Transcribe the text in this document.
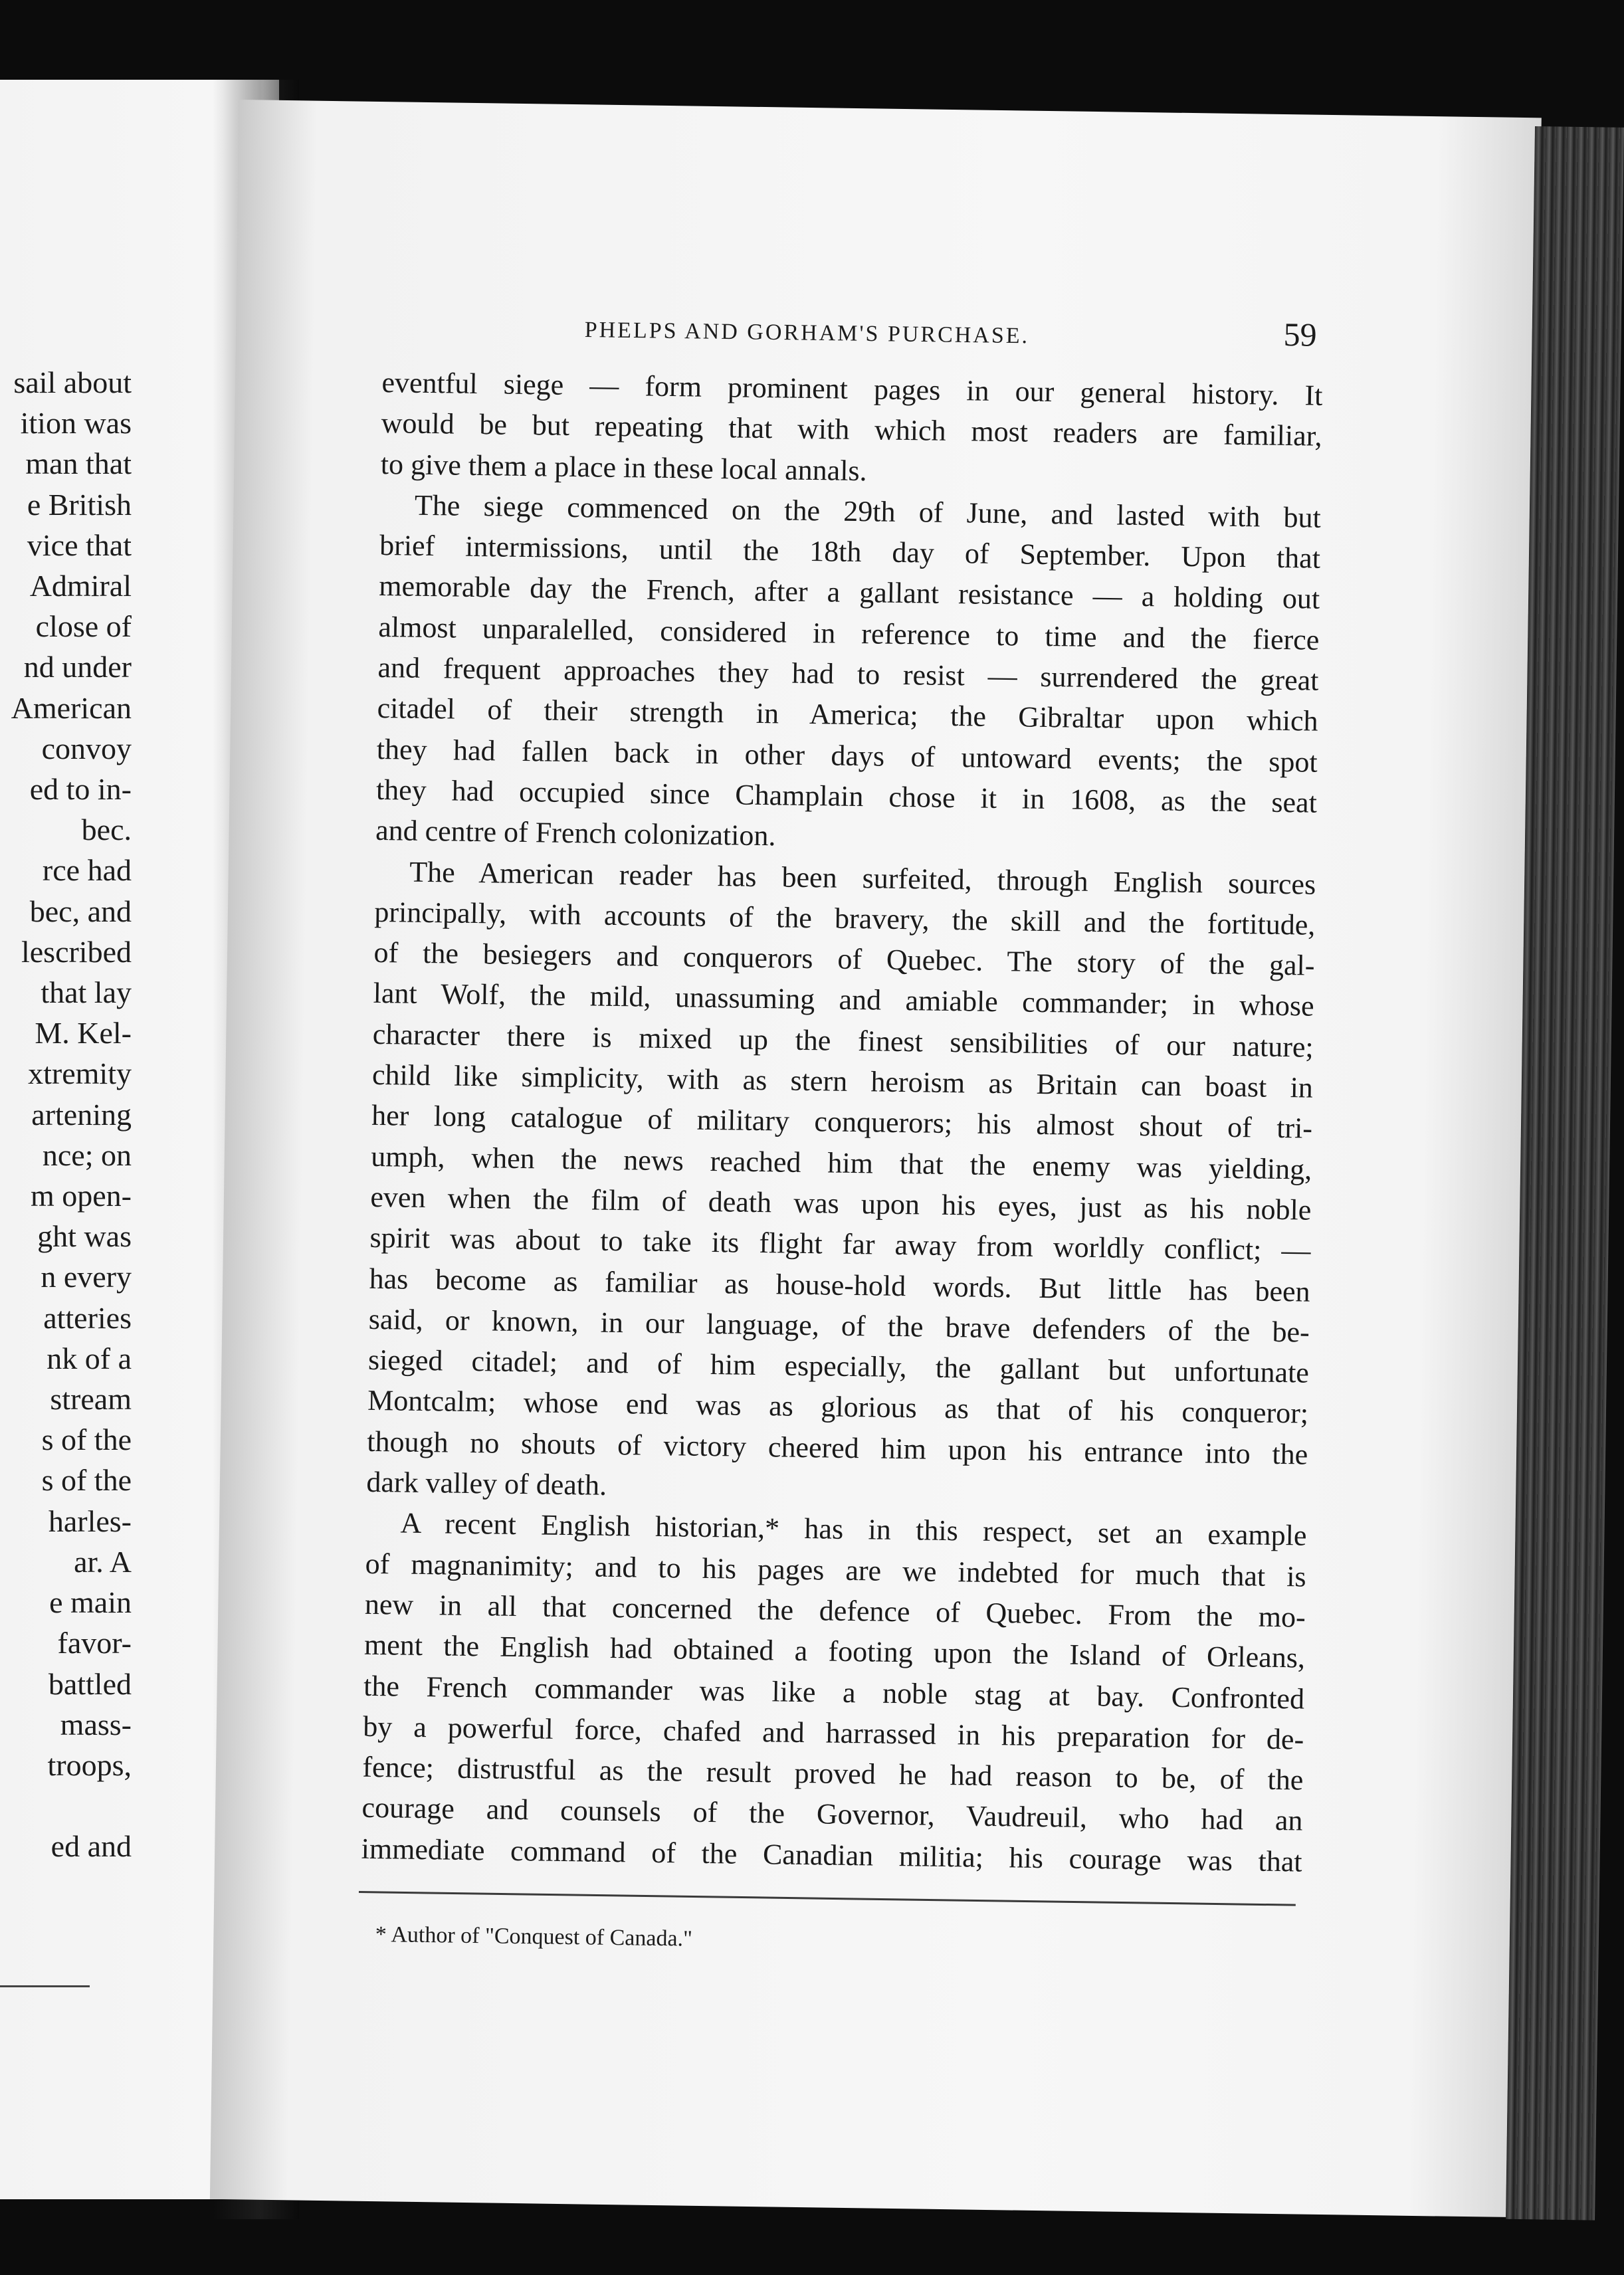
sail about
ition was
man that
e British
vice that
Admiral
close of
nd under
American
convoy
ed to in-
bec.
rce had
bec, and
lescribed
that lay
M. Kel-
xtremity
artening
nce; on
m open-
ght was
n every
atteries
nk of a
stream
s of the
s of the
harles-
ar. A
e main
favor-
battled
mass-
troops,
ed and
PHELPS AND GORHAM'S PURCHASE.	59
eventful siege — form prominent pages in our general history. It
would be but repeating that with which most readers are familiar,
to give them a place in these local annals.
The siege commenced on the 29th of June, and lasted with but
brief intermissions, until the 18th day of September. Upon that
memorable day the French, after a gallant resistance — a holding out
almost unparalelled, considered in reference to time and the fierce
and frequent approaches they had to resist — surrendered the great
citadel of their strength in America; the Gibraltar upon which
they had fallen back in other days of untoward events; the spot
they had occupied since Champlain chose it in 1608, as the seat
and centre of French colonization.
The American reader has been surfeited, through English sources
principally, with accounts of the bravery, the skill and the fortitude,
of the besiegers and conquerors of Quebec. The story of the gal-
lant Wolf, the mild, unassuming and amiable commander; in whose
character there is mixed up the finest sensibilities of our nature;
child like simplicity, with as stern heroism as Britain can boast in
her long catalogue of military conquerors; his almost shout of tri-
umph, when the news reached him that the enemy was yielding,
even when the film of death was upon his eyes, just as his noble
spirit was about to take its flight far away from worldly conflict; —
has become as familiar as house-hold words. But little has been
said, or known, in our language, of the brave defenders of the be-
sieged citadel; and of him especially, the gallant but unfortunate
Montcalm; whose end was as glorious as that of his conqueror;
though no shouts of victory cheered him upon his entrance into the
dark valley of death.
A recent English historian,* has in this respect, set an example
of magnanimity; and to his pages are we indebted for much that is
new in all that concerned the defence of Quebec. From the mo-
ment the English had obtained a footing upon the Island of Orleans,
the French commander was like a noble stag at bay. Confronted
by a powerful force, chafed and harrassed in his preparation for de-
fence; distrustful as the result proved he had reason to be, of the
courage and counsels of the Governor, Vaudreuil, who had an
immediate command of the Canadian militia; his courage was that
* Author of "Conquest of Canada."
